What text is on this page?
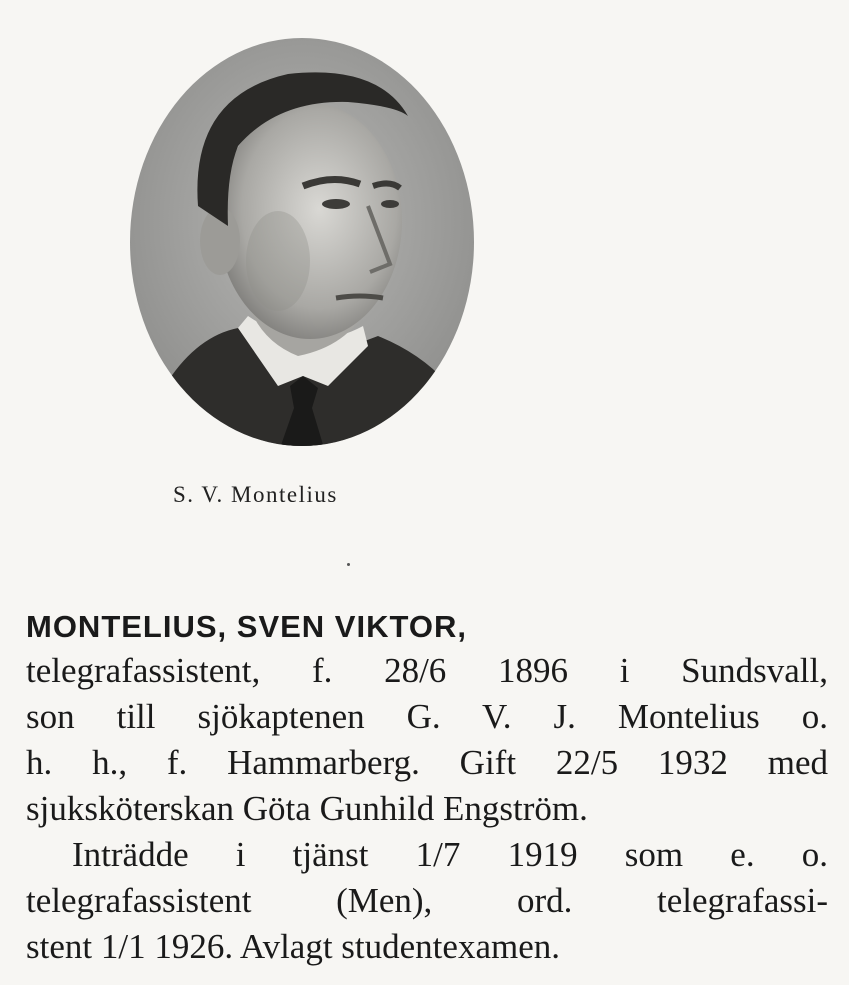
S. V. Montelius
MONTELIUS, SVEN VIKTOR,
telegrafassistent, f. 28/6 1896 i Sundsvall,
son till sjökaptenen G. V. J. Montelius o.
h. h., f. Hammarberg. Gift 22/5 1932 med
sjuksköterskan Göta Gunhild Engström.
Inträdde i tjänst 1/7 1919 som e. o.
telegrafassistent (Men), ord. telegrafassi-
stent 1/1 1926. Avlagt studentexamen.
